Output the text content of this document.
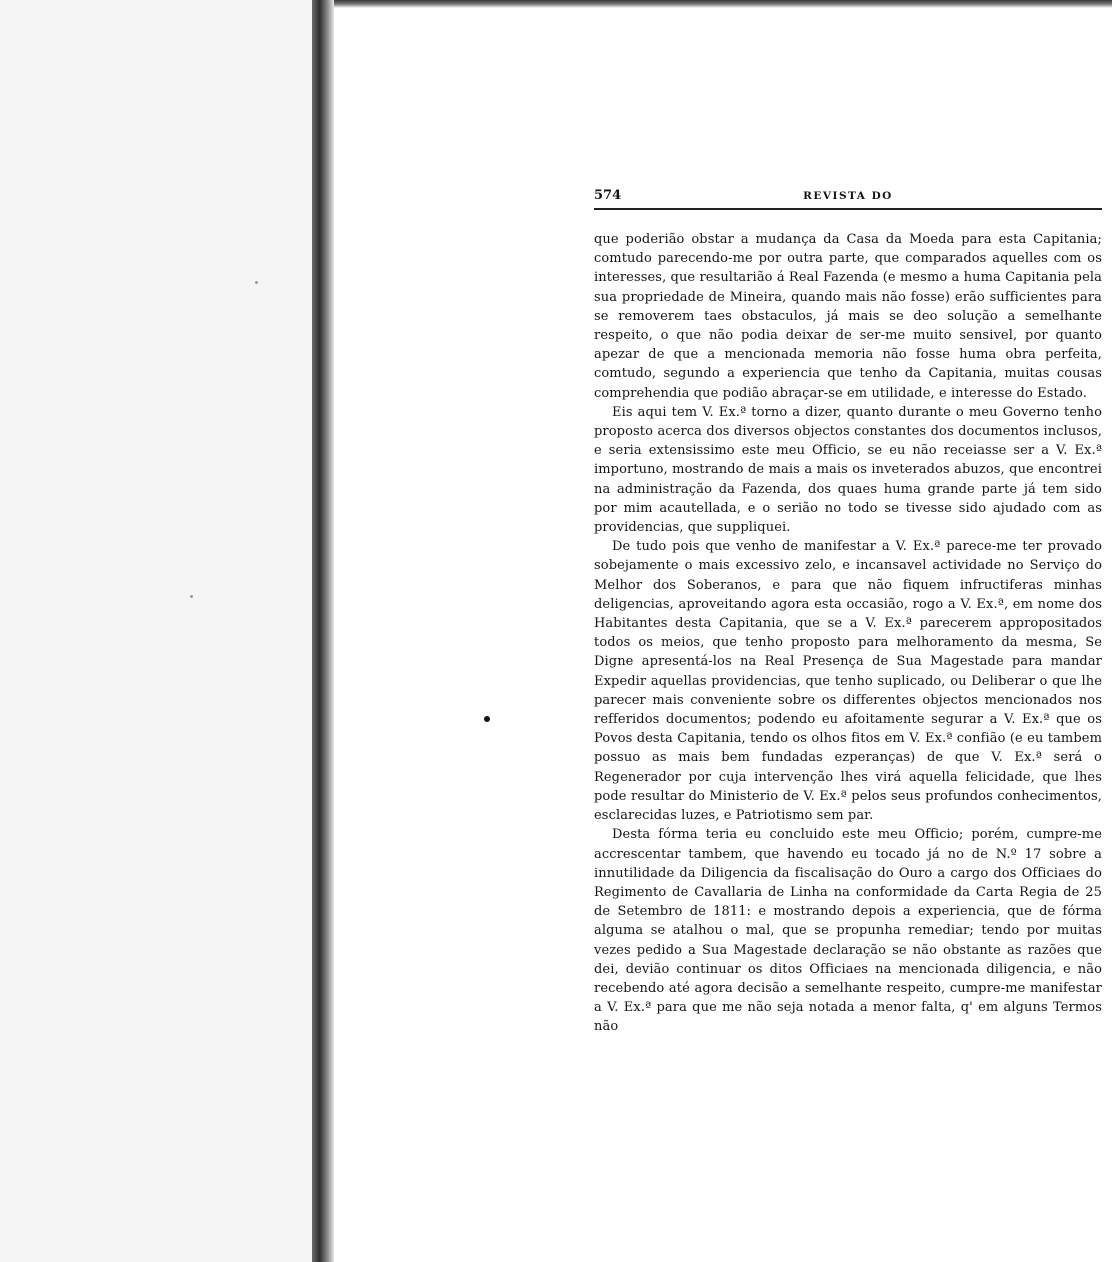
574	REVISTA DO

que poderião obstar a mudança da Casa da Moeda para esta Capitania; comtudo parecendo-me por outra parte, que comparados aquelles com os interesses, que resultarião á Real Fazenda (e mesmo a huma Capitania pela sua propriedade de Mineira, quando mais não fosse) erão sufficientes para se removerem taes obstaculos, já mais se deo solução a semelhante respeito, o que não podia deixar de ser-me muito sensivel, por quanto apezar de que a mencionada memoria não fosse huma obra perfeita, comtudo, segundo a experiencia que tenho da Capitania, muitas cousas comprehendia que podião abraçar-se em utilidade, e interesse do Estado.

Eis aqui tem V. Ex.ª torno a dizer, quanto durante o meu Governo tenho proposto acerca dos diversos objectos constantes dos documentos inclusos, e seria extensissimo este meu Officio, se eu não receiasse ser a V. Ex.ª importuno, mostrando de mais a mais os inveterados abuzos, que encontrei na administração da Fazenda, dos quaes huma grande parte já tem sido por mim acautellada, e o serião no todo se tivesse sido ajudado com as providencias, que suppliquei.

De tudo pois que venho de manifestar a V. Ex.ª parece-me ter provado sobejamente o mais excessivo zelo, e incansavel actividade no Serviço do Melhor dos Soberanos, e para que não fiquem infructiferas minhas deligencias, aproveitando agora esta occasião, rogo a V. Ex.ª, em nome dos Habitantes desta Capitania, que se a V. Ex.ª parecerem appropositados todos os meios, que tenho proposto para melhoramento da mesma, Se Digne apresentá-los na Real Presença de Sua Magestade para mandar Expedir aquellas providencias, que tenho suplicado, ou Deliberar o que lhe parecer mais conveniente sobre os differentes objectos mencionados nos refferidos documentos; podendo eu afoitamente segurar a V. Ex.ª que os Povos desta Capitania, tendo os olhos fitos em V. Ex.ª confião (e eu tambem possuo as mais bem fundadas ezperanças) de que V. Ex.ª será o Regenerador por cuja intervenção lhes virá aquella felicidade, que lhes pode resultar do Ministerio de V. Ex.ª pelos seus profundos conhecimentos, esclarecidas luzes, e Patriotismo sem par.

Desta fórma teria eu concluido este meu Officio; porém, cumpre-me accrescentar tambem, que havendo eu tocado já no de N.º 17 sobre a innutilidade da Diligencia da fiscalisação do Ouro a cargo dos Officiaes do Regimento de Cavallaria de Linha na conformidade da Carta Regia de 25 de Setembro de 1811: e mostrando depois a experiencia, que de fórma alguma se atalhou o mal, que se propunha remediar; tendo por muitas vezes pedido a Sua Magestade declaração se não obstante as razões que dei, devião continuar os ditos Officiaes na mencionada diligencia, e não recebendo até agora decisão a semelhante respeito, cumpre-me manifestar a V. Ex.ª para que me não seja notada a menor falta, q' em alguns Termos não
